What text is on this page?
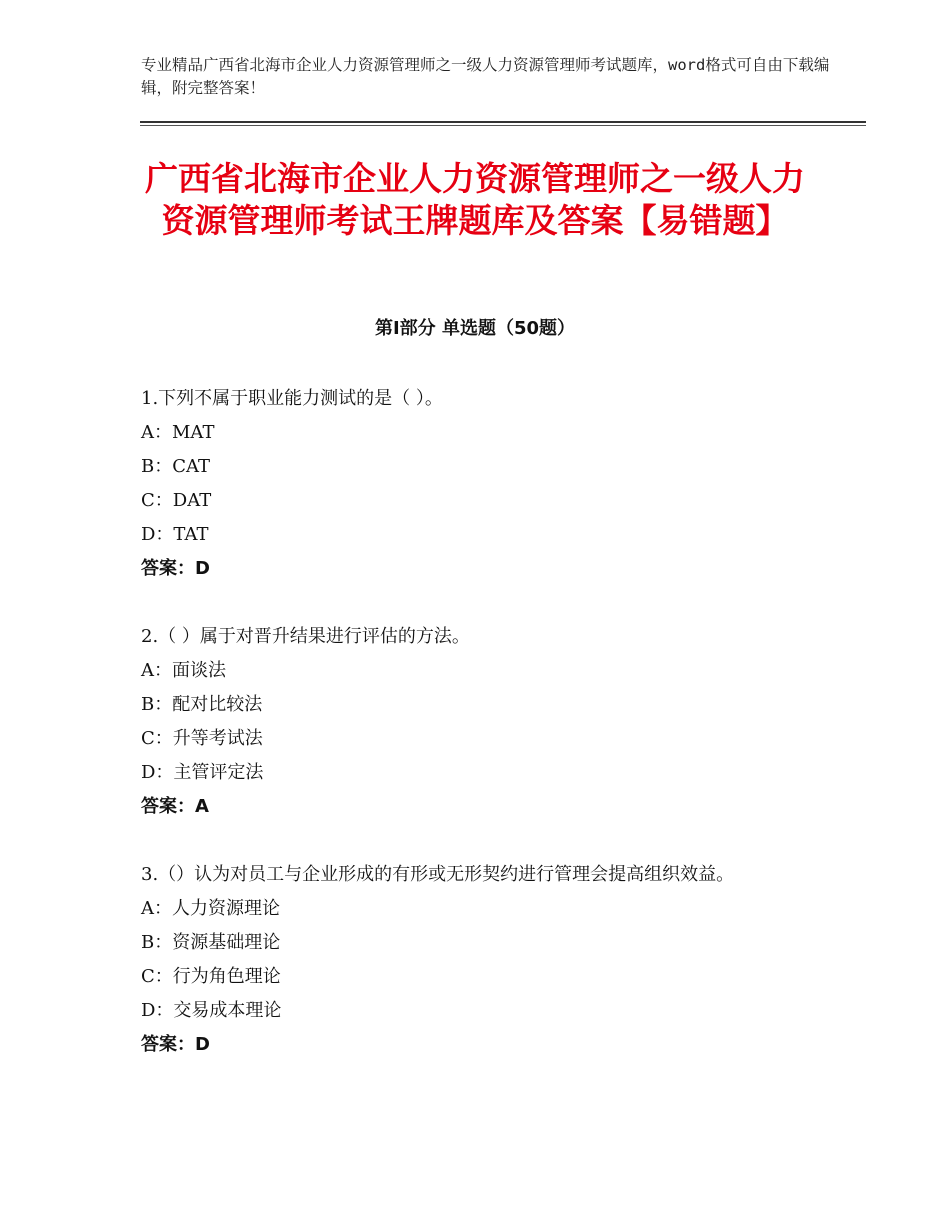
专业精品广西省北海市企业人力资源管理师之一级人力资源管理师考试题库，word格式可自由下载编辑，附完整答案！
广西省北海市企业人力资源管理师之一级人力资源管理师考试王牌题库及答案【易错题】
第Ⅰ部分 单选题（50题）
1.下列不属于职业能力测试的是（ ）。
A：MAT
B：CAT
C：DAT
D：TAT
答案：D
2.（ ）属于对晋升结果进行评估的方法。
A：面谈法
B：配对比较法
C：升等考试法
D：主管评定法
答案：A
3.（）认为对员工与企业形成的有形或无形契约进行管理会提高组织效益。
A：人力资源理论
B：资源基础理论
C：行为角色理论
D：交易成本理论
答案：D
